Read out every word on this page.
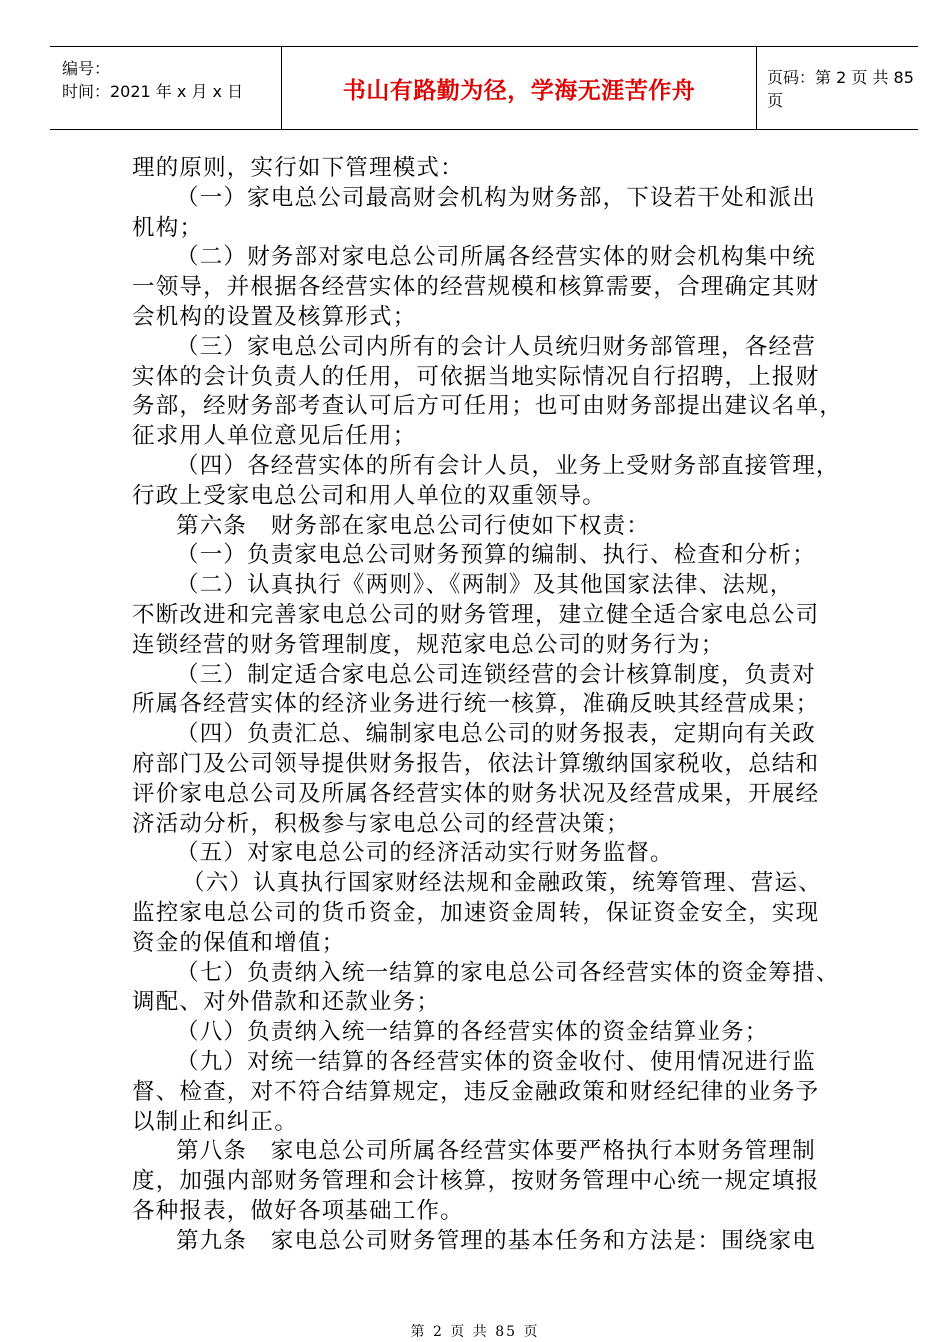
编号：
时间：2021 年 x 月 x 日	书山有路勤为径，学海无涯苦作舟	页码：第 2 页 共 85 页
理的原则，实行如下管理模式：
（一）家电总公司最高财会机构为财务部，下设若干处和派出
机构；
（二）财务部对家电总公司所属各经营实体的财会机构集中统
一领导，并根据各经营实体的经营规模和核算需要，合理确定其财
会机构的设置及核算形式；
（三）家电总公司内所有的会计人员统归财务部管理，各经营
实体的会计负责人的任用，可依据当地实际情况自行招聘，上报财
务部，经财务部考查认可后方可任用；也可由财务部提出建议名单，
征求用人单位意见后任用；
（四）各经营实体的所有会计人员，业务上受财务部直接管理，
行政上受家电总公司和用人单位的双重领导。
第六条　财务部在家电总公司行使如下权责：
（一）负责家电总公司财务预算的编制、执行、检查和分析；
（二）认真执行《两则》、《两制》及其他国家法律、法规，
不断改进和完善家电总公司的财务管理，建立健全适合家电总公司
连锁经营的财务管理制度，规范家电总公司的财务行为；
（三）制定适合家电总公司连锁经营的会计核算制度，负责对
所属各经营实体的经济业务进行统一核算，准确反映其经营成果；
（四）负责汇总、编制家电总公司的财务报表，定期向有关政
府部门及公司领导提供财务报告，依法计算缴纳国家税收，总结和
评价家电总公司及所属各经营实体的财务状况及经营成果，开展经
济活动分析，积极参与家电总公司的经营决策；
（五）对家电总公司的经济活动实行财务监督。
（六）认真执行国家财经法规和金融政策，统筹管理、营运、
监控家电总公司的货币资金，加速资金周转，保证资金安全，实现
资金的保值和增值；
（七）负责纳入统一结算的家电总公司各经营实体的资金筹措、
调配、对外借款和还款业务；
（八）负责纳入统一结算的各经营实体的资金结算业务；
（九）对统一结算的各经营实体的资金收付、使用情况进行监
督、检查，对不符合结算规定，违反金融政策和财经纪律的业务予
以制止和纠正。
第八条　家电总公司所属各经营实体要严格执行本财务管理制
度，加强内部财务管理和会计核算，按财务管理中心统一规定填报
各种报表，做好各项基础工作。
第九条　家电总公司财务管理的基本任务和方法是：围绕家电
第 2 页 共 85 页
